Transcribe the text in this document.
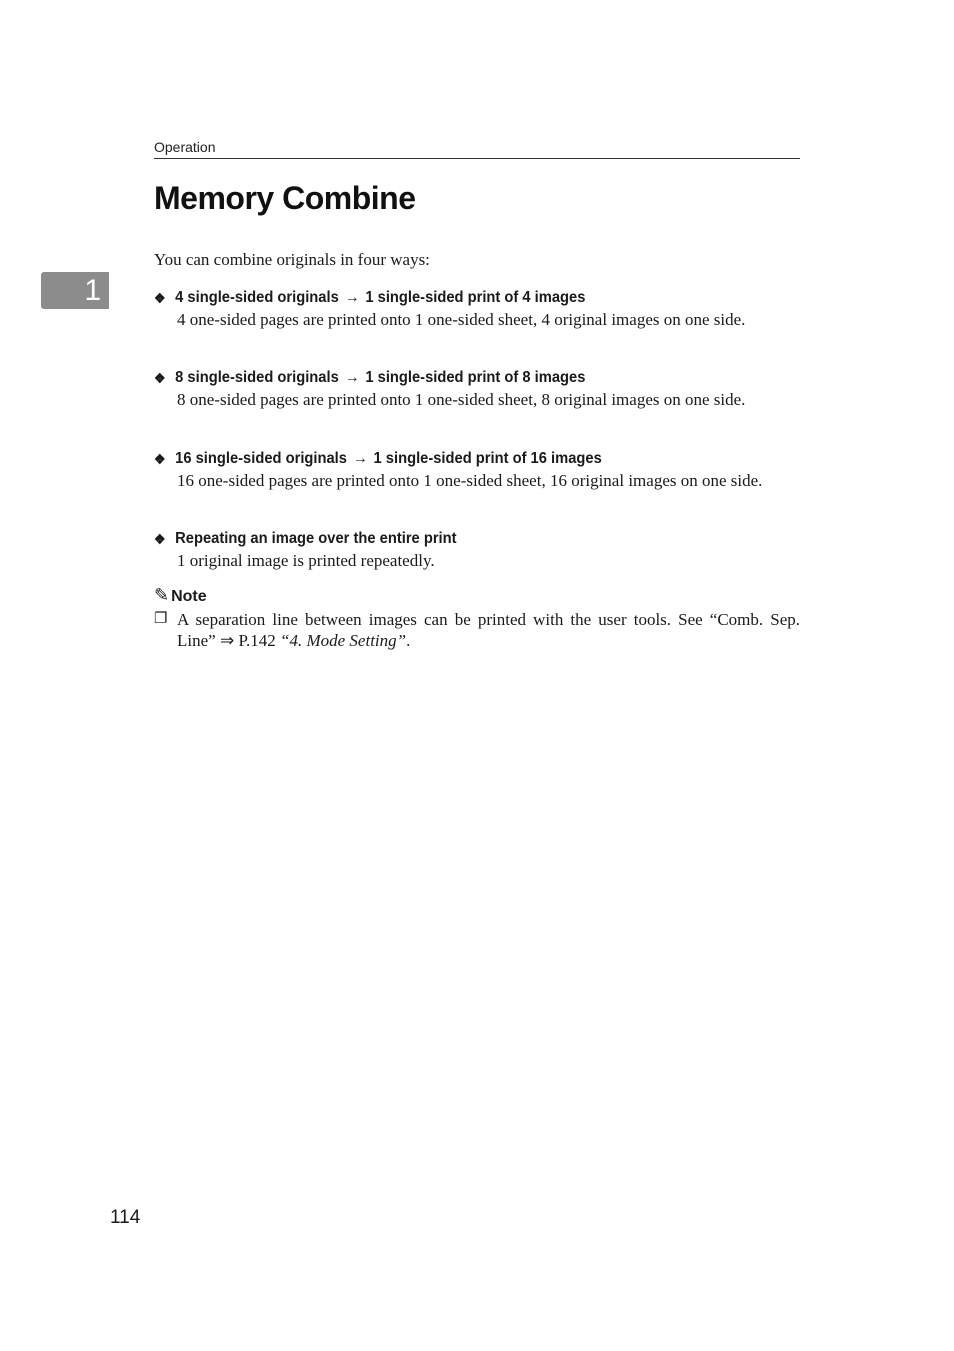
Operation
Memory Combine
1
You can combine originals in four ways:
❖ 4 single-sided originals → 1 single-sided print of 4 images
4 one-sided pages are printed onto 1 one-sided sheet, 4 original images on one side.
❖ 8 single-sided originals → 1 single-sided print of 8 images
8 one-sided pages are printed onto 1 one-sided sheet, 8 original images on one side.
❖ 16 single-sided originals → 1 single-sided print of 16 images
16 one-sided pages are printed onto 1 one-sided sheet, 16 original images on one side.
❖ Repeating an image over the entire print
1 original image is printed repeatedly.
✎ Note
❐ A separation line between images can be printed with the user tools. See “Comb. Sep. Line” ⇒ P.142 “4. Mode Setting”.
114
